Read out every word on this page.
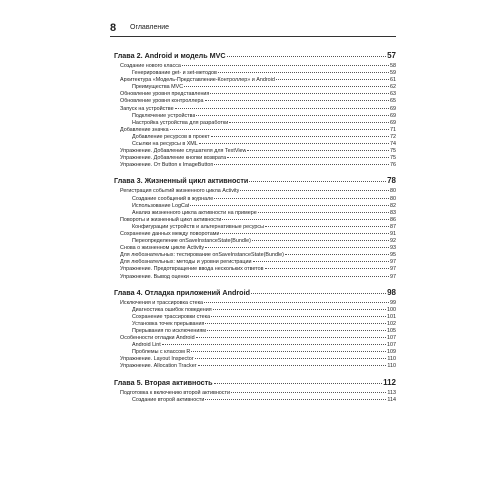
8 Оглавление
Глава 2. Android и модель MVC	57
Создание нового класса	58
Генерирование get- и set-методов	59
Архитектура «Модель-Представление-Контроллер» и Android	61
Преимущества MVC	62
Обновление уровня представления	63
Обновление уровня контроллера	65
Запуск на устройстве	69
Подключение устройства	69
Настройка устройства для разработки	69
Добавление значка	71
Добавление ресурсов в проект	72
Ссылки на ресурсы в XML	74
Упражнение. Добавление слушателя для TextView	75
Упражнение. Добавление кнопки возврата	75
Упражнение. От Button к ImageButton	76
Глава 3. Жизненный цикл активности	78
Регистрация событий жизненного цикла Activity	80
Создание сообщений в журнале	80
Использование LogCat	82
Анализ жизненного цикла активности на примере	83
Повороты и жизненный цикл активности	86
Конфигурации устройств и альтернативные ресурсы	87
Сохранение данных между поворотами	91
Переопределение onSaveInstanceState(Bundle)	92
Снова о жизненном цикле Activity	93
Для любознательных: тестирование onSaveInstanceState(Bundle)	95
Для любознательных: методы и уровни регистрации	97
Упражнение. Предотвращение ввода нескольких ответов	97
Упражнение. Вывод оценки	97
Глава 4. Отладка приложений Android	98
Исключения и трассировка стека	99
Диагностика ошибок поведения	100
Сохранение трассировки стека	101
Установка точек прерывания	102
Прерывания по исключениям	105
Особенности отладки Android	107
Android Lint	107
Проблемы с классом R	109
Упражнение. Layout Inspector	110
Упражнение. Allocation Tracker	110
Глава 5. Вторая активность	112
Подготовка к включению второй активности	113
Создание второй активности	114
